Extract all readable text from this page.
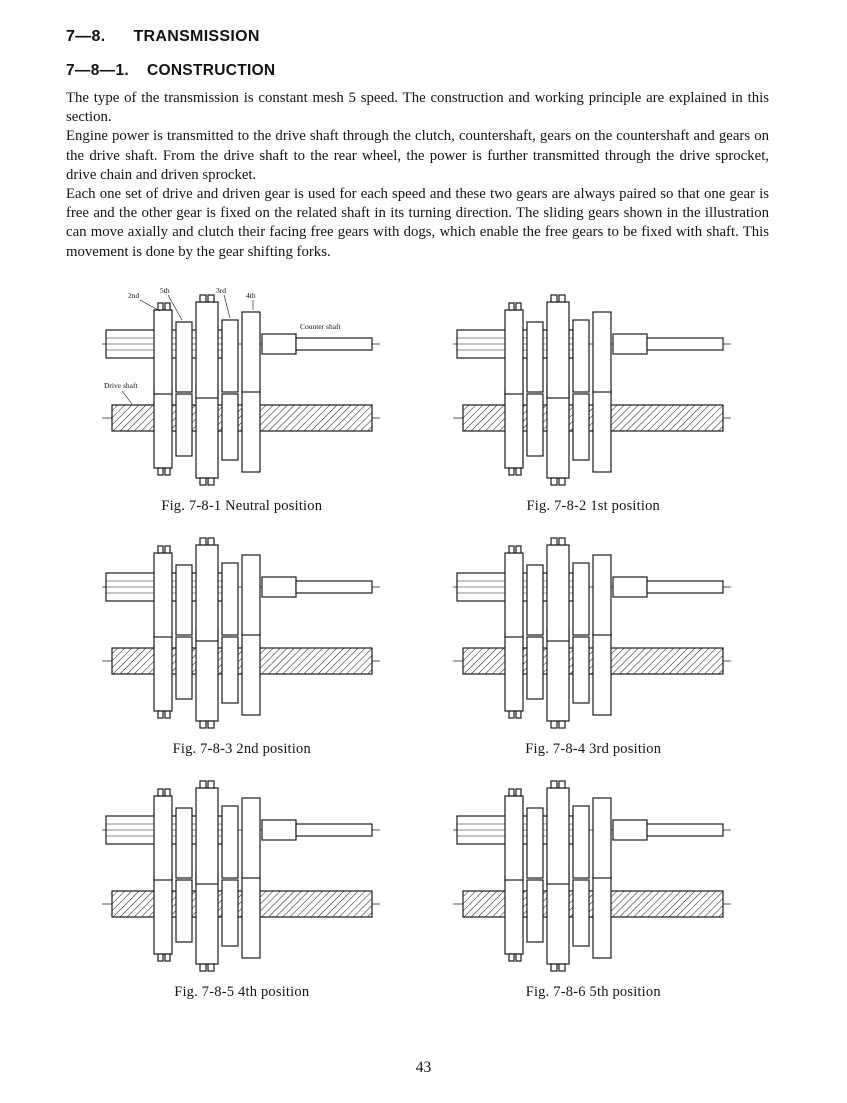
7—8. TRANSMISSION
7—8—1. CONSTRUCTION

The type of the transmission is constant mesh 5 speed. The construction and working principle are explained in this section.

Engine power is transmitted to the drive shaft through the clutch, countershaft, gears on the countershaft and gears on the drive shaft. From the drive shaft to the rear wheel, the power is further transmitted through the drive sprocket, drive chain and driven sprocket.

Each one set of drive and driven gear is used for each speed and these two gears are always paired so that one gear is free and the other gear is fixed on the related shaft in its turning direction. The sliding gears shown in the illustration can move axially and clutch their facing free gears with dogs, which enable the free gears to be fixed with shaft. This movement is done by the gear shifting forks.

2nd
5th	3rd
4th
Counter shaft
Drive shaft
Fig. 7-8-1 Neutral position	Fig. 7-8-2 1st position
Fig. 7-8-3 2nd position	Fig. 7-8-4 3rd position
Fig. 7-8-5 4th position	Fig. 7-8-6 5th position
43
